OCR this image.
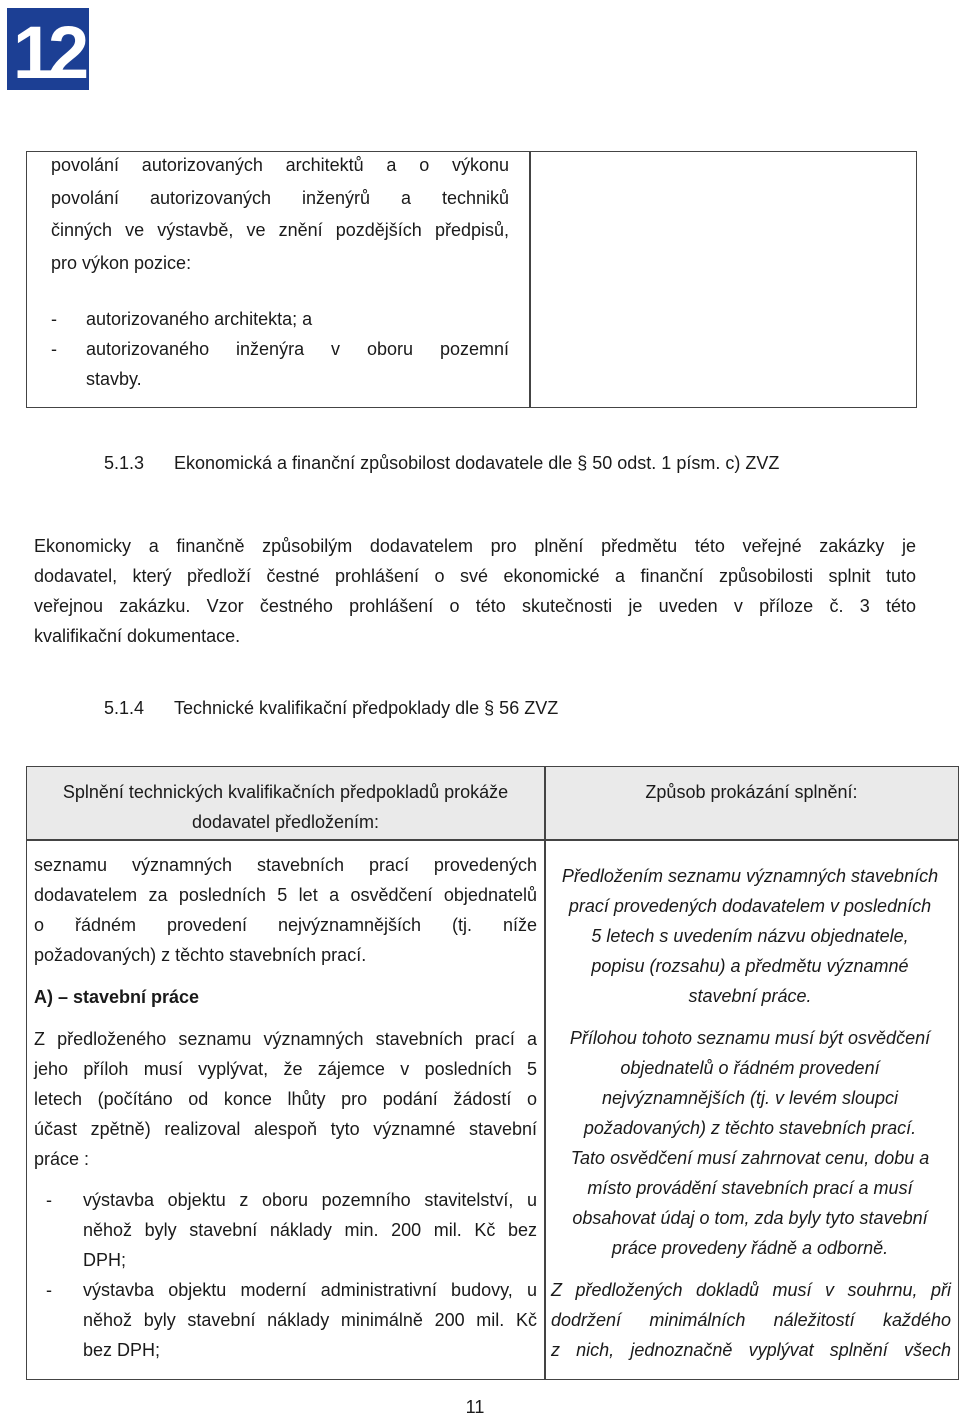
12
povolání autorizovaných architektů a o výkonu
povolání autorizovaných inženýrů a techniků
činných ve výstavbě, ve znění pozdějších předpisů,
pro výkon pozice:
- autorizovaného architekta; a
- autorizovaného inženýra v oboru pozemní
stavby.
5.1.3 Ekonomická a finanční způsobilost dodavatele dle § 50 odst. 1 písm. c) ZVZ
Ekonomicky a finančně způsobilým dodavatelem pro plnění předmětu této veřejné zakázky je
dodavatel, který předloží čestné prohlášení o své ekonomické a finanční způsobilosti splnit tuto
veřejnou zakázku. Vzor čestného prohlášení o této skutečnosti je uveden v příloze č. 3 této
kvalifikační dokumentace.
5.1.4 Technické kvalifikační předpoklady dle § 56 ZVZ
Splnění technických kvalifikačních předpokladů prokáže
dodavatel předložením:
Způsob prokázání splnění:
seznamu významných stavebních prací provedených
dodavatelem za posledních 5 let a osvědčení objednatelů
o řádném provedení nejvýznamnějších (tj. níže
požadovaných) z těchto stavebních prací.
A) – stavební práce
Z předloženého seznamu významných stavebních prací a
jeho příloh musí vyplývat, že zájemce v posledních 5
letech (počítáno od konce lhůty pro podání žádostí o
účast zpětně) realizoval alespoň tyto významné stavební
práce :
- výstavba objektu z oboru pozemního stavitelství, u
něhož byly stavební náklady min. 200 mil. Kč bez
DPH;
- výstavba objektu moderní administrativní budovy, u
něhož byly stavební náklady minimálně 200 mil. Kč
bez DPH;
Předložením seznamu významných stavebních
prací provedených dodavatelem v posledních
5 letech s uvedením názvu objednatele,
popisu (rozsahu) a předmětu významné
stavební práce.
Přílohou tohoto seznamu musí být osvědčení
objednatelů o řádném provedení
nejvýznamnějších (tj. v levém sloupci
požadovaných) z těchto stavebních prací.
Tato osvědčení musí zahrnovat cenu, dobu a
místo provádění stavebních prací a musí
obsahovat údaj o tom, zda byly tyto stavební
práce provedeny řádně a odborně.
Z předložených dokladů musí v souhrnu, při
dodržení minimálních náležitostí každého
z nich, jednoznačně vyplývat splnění všech
11
